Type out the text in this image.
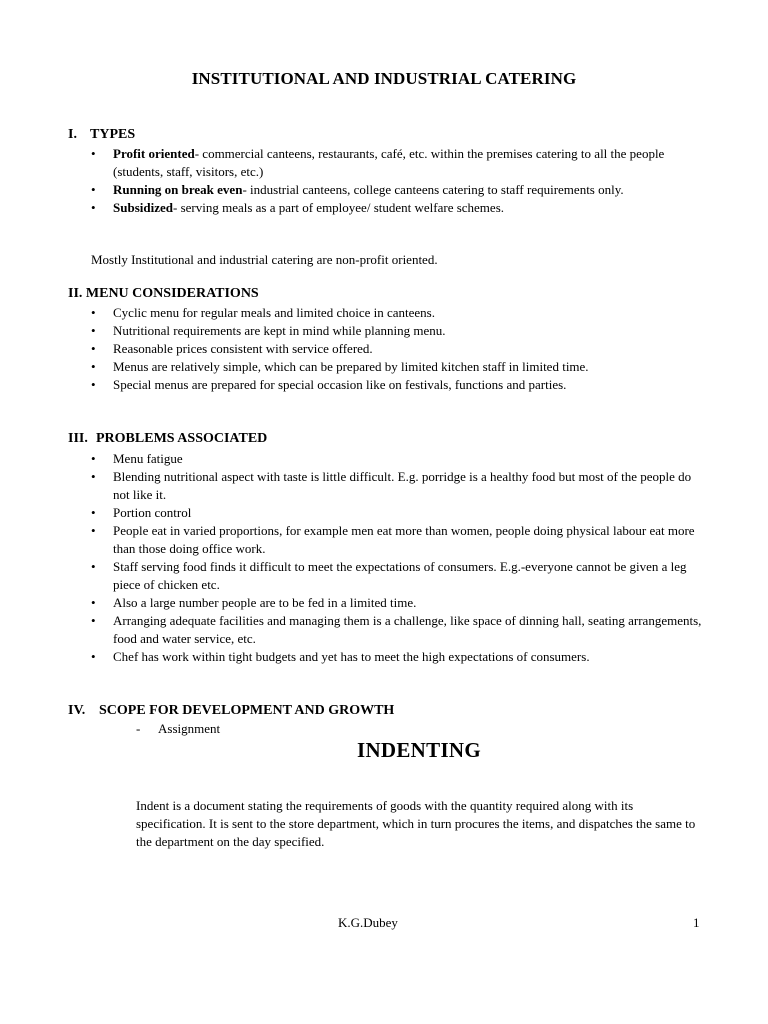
INSTITUTIONAL AND INDUSTRIAL CATERING
I. TYPES
• Profit oriented- commercial canteens, restaurants, café, etc. within the premises catering to all the people (students, staff, visitors, etc.)
• Running on break even- industrial canteens, college canteens catering to staff requirements only.
• Subsidized- serving meals as a part of employee/ student welfare schemes.
Mostly Institutional and industrial catering are non-profit oriented.
II. MENU CONSIDERATIONS
• Cyclic menu for regular meals and limited choice in canteens.
• Nutritional requirements are kept in mind while planning menu.
• Reasonable prices consistent with service offered.
• Menus are relatively simple, which can be prepared by limited kitchen staff in limited time.
• Special menus are prepared for special occasion like on festivals, functions and parties.
III. PROBLEMS ASSOCIATED
• Menu fatigue
• Blending nutritional aspect with taste is little difficult. E.g. porridge is a healthy food but most of the people do not like it.
• Portion control
• People eat in varied proportions, for example men eat more than women, people doing physical labour eat more than those doing office work.
• Staff serving food finds it difficult to meet the expectations of consumers. E.g.-everyone cannot be given a leg piece of chicken etc.
• Also a large number people are to be fed in a limited time.
• Arranging adequate facilities and managing them is a challenge, like space of dinning hall, seating arrangements, food and water service, etc.
• Chef has work within tight budgets and yet has to meet the high expectations of consumers.
IV. SCOPE FOR DEVELOPMENT AND GROWTH
- Assignment
INDENTING
Indent is a document stating the requirements of goods with the quantity required along with its specification. It is sent to the store department, which in turn procures the items, and dispatches the same to the department on the day specified.
K.G.Dubey	1
